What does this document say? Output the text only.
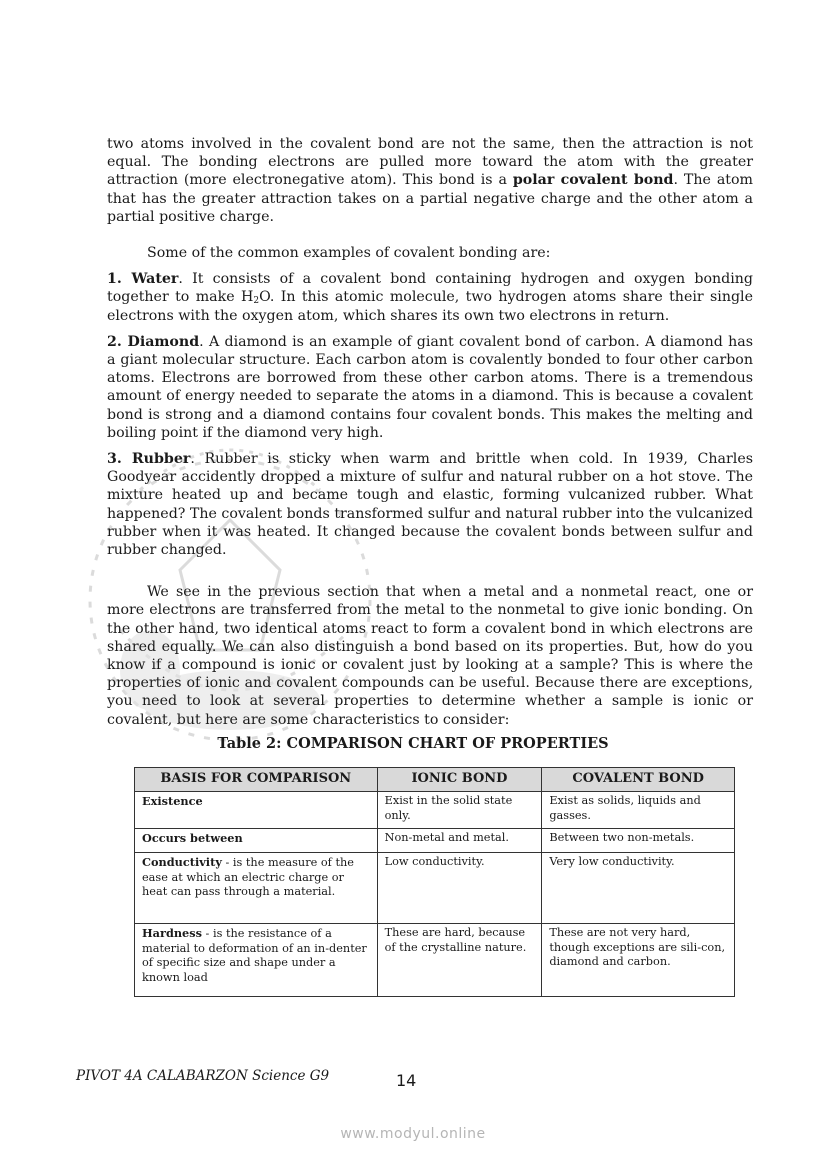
two atoms involved in the covalent bond are not the same, then the attraction is not equal. The bonding electrons are pulled more toward the atom with the greater attraction (more electronegative atom). This bond is a polar covalent bond. The atom that has the greater attraction takes on a partial negative charge and the other atom a partial positive charge.

Some of the common examples of covalent bonding are:

1. Water. It consists of a covalent bond containing hydrogen and oxygen bonding together to make $H_2O$. In this atomic molecule, two hydrogen atoms share their single electrons with the oxygen atom, which shares its own two electrons in return.

2. Diamond. A diamond is an example of giant covalent bond of carbon. A diamond has a giant molecular structure. Each carbon atom is covalently bonded to four other carbon atoms. Electrons are borrowed from these other carbon atoms. There is a tremendous amount of energy needed to separate the atoms in a diamond. This is because a covalent bond is strong and a diamond contains four covalent bonds. This makes the melting and boiling point if the diamond very high.

3. Rubber. Rubber is sticky when warm and brittle when cold. In 1939, Charles Goodyear accidently dropped a mixture of sulfur and natural rubber on a hot stove. The mixture heated up and became tough and elastic, forming vulcanized rubber. What happened? The covalent bonds transformed sulfur and natural rubber into the vulcanized rubber when it was heated. It changed because the covalent bonds between sulfur and rubber changed.

We see in the previous section that when a metal and a nonmetal react, one or more electrons are transferred from the metal to the nonmetal to give ionic bonding. On the other hand, two identical atoms react to form a covalent bond in which electrons are shared equally. We can also distinguish a bond based on its properties. But, how do you know if a compound is ionic or covalent just by looking at a sample? This is where the properties of ionic and covalent compounds can be useful. Because there are exceptions, you need to look at several properties to determine whether a sample is ionic or covalent, but here are some characteristics to consider:

Table 2: COMPARISON CHART OF PROPERTIES
BASIS FOR COMPARISON	IONIC BOND	COVALENT BOND
Existence	Exist in the solid state only.	Exist as solids, liquids and gasses.
Occurs between	Non-metal and metal.	Between two non-metals.
Conductivity - is the measure of the ease at which an electric charge or heat can pass through a material.	Low conductivity.	Very low conductivity.
Hardness - is the resistance of a material to deformation of an in-denter of specific size and shape under a known load	These are hard, because of the crystalline nature.	These are not very hard, though exceptions are sili-con, diamond and carbon.
PIVOT 4A CALABARZON Science G9	14
www.modyul.online
